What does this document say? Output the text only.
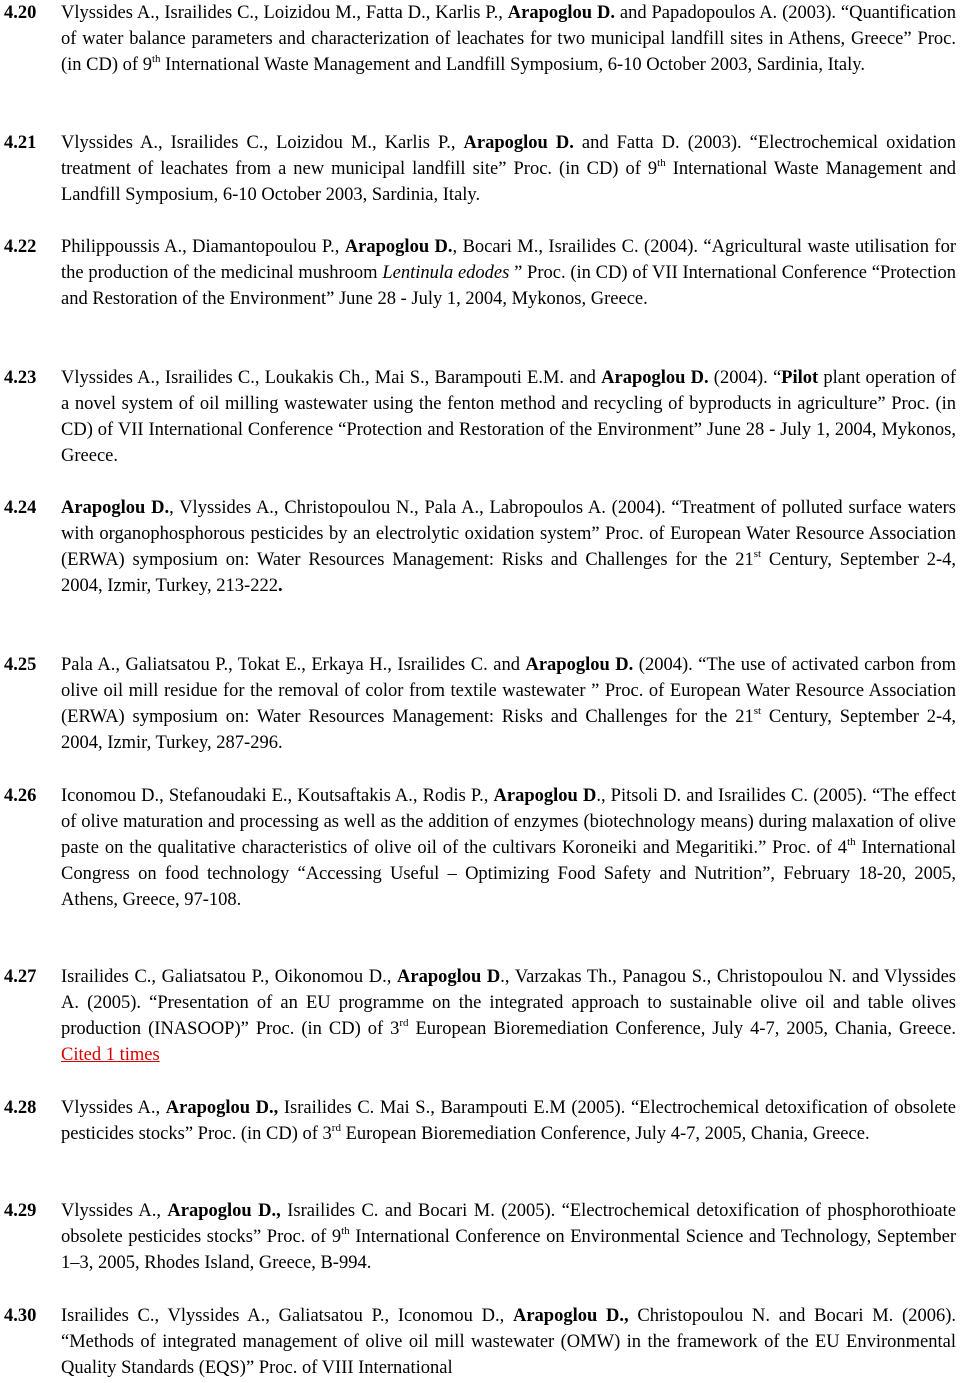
4.20 Vlyssides A., Israilides C., Loizidou M., Fatta D., Karlis P., Arapoglou D. and Papadopoulos A. (2003). “Quantification of water balance parameters and characterization of leachates for two municipal landfill sites in Athens, Greece” Proc. (in CD) of 9th International Waste Management and Landfill Symposium, 6-10 October 2003, Sardinia, Italy.
4.21 Vlyssides A., Israilides C., Loizidou M., Karlis P., Arapoglou D. and Fatta D. (2003). “Electrochemical oxidation treatment of leachates from a new municipal landfill site” Proc. (in CD) of 9th International Waste Management and Landfill Symposium, 6-10 October 2003, Sardinia, Italy.
4.22 Philippoussis A., Diamantopoulou P., Arapoglou D., Bocari M., Israilides C. (2004). “Agricultural waste utilisation for the production of the medicinal mushroom Lentinula edodes ” Proc. (in CD) of VII International Conference “Protection and Restoration of the Environment” June 28 - July 1, 2004, Mykonos, Greece.
4.23 Vlyssides A., Israilides C., Loukakis Ch., Mai S., Barampouti E.M. and Arapoglou D. (2004). “Pilot plant operation of a novel system of oil milling wastewater using the fenton method and recycling of byproducts in agriculture” Proc. (in CD) of VII International Conference “Protection and Restoration of the Environment” June 28 - July 1, 2004, Mykonos, Greece.
4.24 Arapoglou D., Vlyssides A., Christopoulou N., Pala A., Labropoulos A. (2004). “Treatment of polluted surface waters with organophosphorous pesticides by an electrolytic oxidation system” Proc. of European Water Resource Association (ERWA) symposium on: Water Resources Management: Risks and Challenges for the 21st Century, September 2-4, 2004, Izmir, Turkey, 213-222.
4.25 Pala A., Galiatsatou P., Tokat E., Erkaya H., Israilides C. and Arapoglou D. (2004). “The use of activated carbon from olive oil mill residue for the removal of color from textile wastewater ” Proc. of European Water Resource Association (ERWA) symposium on: Water Resources Management: Risks and Challenges for the 21st Century, September 2-4, 2004, Izmir, Turkey, 287-296.
4.26 Iconomou D., Stefanoudaki E., Koutsaftakis A., Rodis P., Arapoglou D., Pitsoli D. and Israilides C. (2005). “The effect of olive maturation and processing as well as the addition of enzymes (biotechnology means) during malaxation of olive paste on the qualitative characteristics of olive oil of the cultivars Koroneiki and Megaritiki.” Proc. of 4th International Congress on food technology “Accessing Useful – Optimizing Food Safety and Nutrition”, February 18-20, 2005, Athens, Greece, 97-108.
4.27 Israilides C., Galiatsatou P., Oikonomou D., Arapoglou D., Varzakas Th., Panagou S., Christopoulou N. and Vlyssides A. (2005). “Presentation of an EU programme on the integrated approach to sustainable olive oil and table olives production (INASOOP)” Proc. (in CD) of 3rd European Bioremediation Conference, July 4-7, 2005, Chania, Greece. Cited 1 times
4.28 Vlyssides A., Arapoglou D., Israilides C. Mai S., Barampouti E.M (2005). “Electrochemical detoxification of obsolete pesticides stocks” Proc. (in CD) of 3rd European Bioremediation Conference, July 4-7, 2005, Chania, Greece.
4.29 Vlyssides A., Arapoglou D., Israilides C. and Bocari M. (2005). “Electrochemical detoxification of phosphorothioate obsolete pesticides stocks” Proc. of 9th International Conference on Environmental Science and Technology, September 1–3, 2005, Rhodes Island, Greece, B-994.
4.30 Israilides C., Vlyssides A., Galiatsatou P., Iconomou D., Arapoglou D., Christopoulou N. and Bocari M. (2006). “Methods of integrated management of olive oil mill wastewater (OMW) in the framework of the EU Environmental Quality Standards (EQS)” Proc. of VIII International
